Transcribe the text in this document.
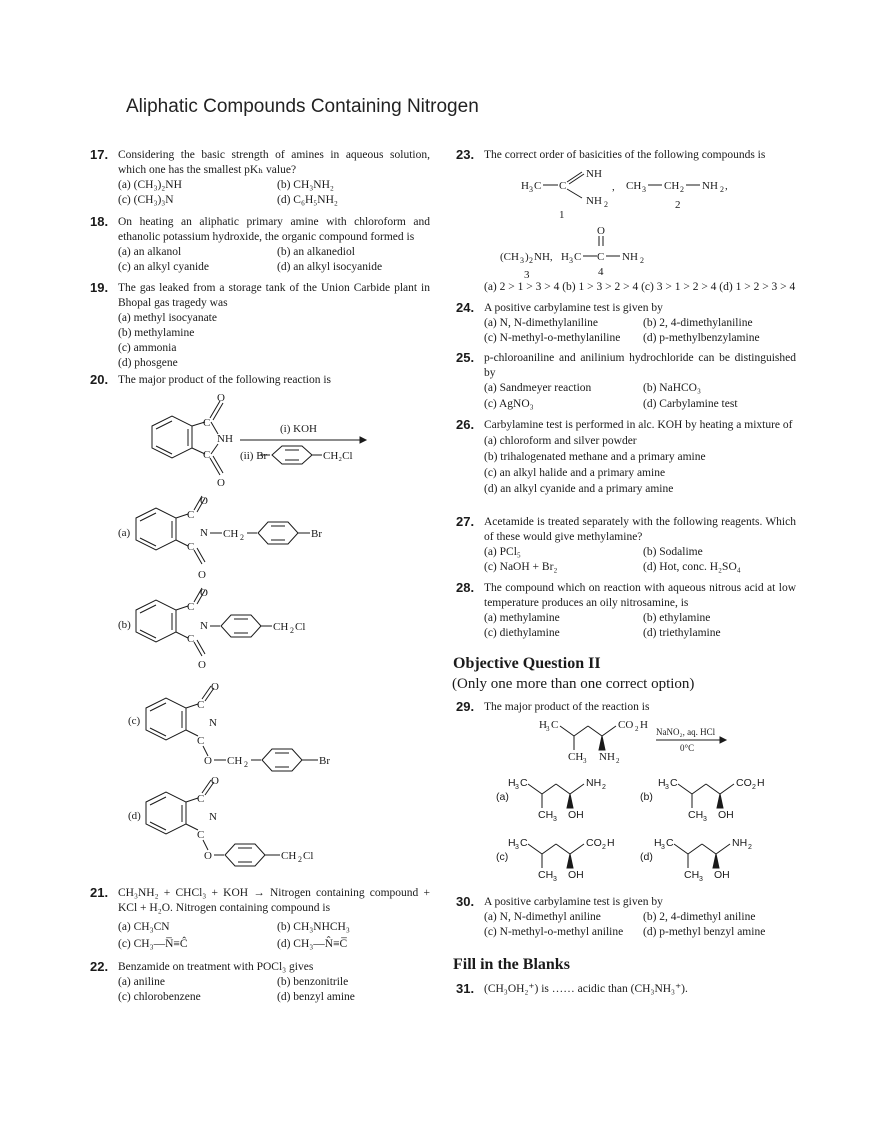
Aliphatic Compounds Containing Nitrogen
17. Considering the basic strength of amines in aqueous solution, which one has the smallest pKₕ value?
(a) (CH₃)₂NH	(b) CH₃NH₂
(c) (CH₃)₃N	(d) C₆H₅NH₂
18. On heating an aliphatic primary amine with chloroform and ethanolic potassium hydroxide, the organic compound formed is
(a) an alkanol	(b) an alkanediol
(c) an alkyl cyanide	(d) an alkyl isocyanide
19. The gas leaked from a storage tank of the Union Carbide plant in Bhopal gas tragedy was
(a) methyl isocyanate
(b) methylamine
(c) ammonia
(d) phosgene
20. The major product of the following reaction is
O
C
C
NH
O
(i) KOH
(ii) Br	CH₂Cl
(a)
O
C
C
N
O
CH 2	Br
(b)
O
C
C
N
O
CH 2 Cl
(c)
O
C
C
N
O CH 2	Br
(d)
O
C
C
N
O	CH 2 Cl
21. CH₃NH₂ + CHCl₃ + KOH → Nitrogen containing compound + KCl + H₂O. Nitrogen containing compound is
(a) CH₃CN	(b) CH₃NHCH₃
(c) CH₃—N̅≡Ĉ	(d) CH₃—N̂≡C̅
22. Benzamide on treatment with POCl₃ gives
(a) aniline	(b) benzonitrile
(c) chlorobenzene	(d) benzyl amine
23. The correct order of basicities of the following compounds is
H 3 C C
NH
NH 2
1
, CH 3 CH 2 NH 2 ,
2
(CH 3 ) 2 NH, H 3 C C
O
NH 2
3	4
(a) 2 > 1 > 3 > 4 (b) 1 > 3 > 2 > 4 (c) 3 > 1 > 2 > 4 (d) 1 > 2 > 3 > 4
24. A positive carbylamine test is given by
(a) N, N-dimethylaniline	(b) 2, 4-dimethylaniline
(c) N-methyl-o-methylaniline	(d) p-methylbenzylamine
25. p-chloroaniline and anilinium hydrochloride can be distinguished by
(a) Sandmeyer reaction	(b) NaHCO₃
(c) AgNO₃	(d) Carbylamine test
26. Carbylamine test is performed in alc. KOH by heating a mixture of
(a) chloroform and silver powder
(b) trihalogenated methane and a primary amine
(c) an alkyl halide and a primary amine
(d) an alkyl cyanide and a primary amine
27. Acetamide is treated separately with the following reagents. Which of these would give methylamine?
(a) PCl₅	(b) Sodalime
(c) NaOH + Br₂	(d) Hot, conc. H₂SO₄
28. The compound which on reaction with aqueous nitrous acid at low temperature produces an oily nitrosamine, is
(a) methylamine	(b) ethylamine
(c) diethylamine	(d) triethylamine
Objective Question II
(Only one more than one correct option)
29. The major product of the reaction is
H 3 C	CO 2 H
CH 3 NH 2
NaNO₂, aq. HCl
0°C
(a)
H 3 C	NH 2
CH 3 OH
(b)
H 3 C	CO 2 H
CH 3 OH
(c)
H 3 C	CO 2 H
CH 3 OH
(d)
H 3 C	NH 2
CH 3 OH
30. A positive carbylamine test is given by
(a) N, N-dimethyl aniline	(b) 2, 4-dimethyl aniline
(c) N-methyl-o-methyl aniline	(d) p-methyl benzyl amine
Fill in the Blanks
31. (CH₃OH₂⁺) is …… acidic than (CH₃NH₃⁺).
